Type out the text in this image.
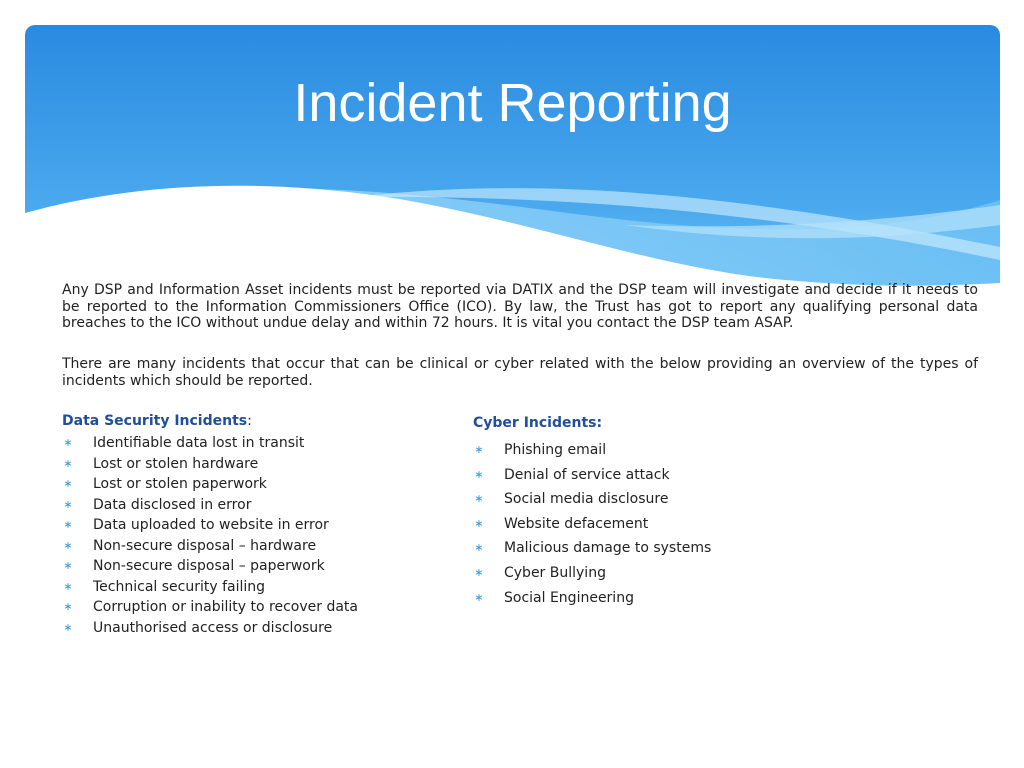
Incident Reporting

Any DSP and Information Asset incidents must be reported via DATIX and the DSP team will investigate and decide if it needs to be reported to the Information Commissioners Office (ICO). By law, the Trust has got to report any qualifying personal data breaches to the ICO without undue delay and within 72 hours. It is vital you contact the DSP team ASAP.

There are many incidents that occur that can be clinical or cyber related with the below providing an overview of the types of incidents which should be reported.

Data Security Incidents:
∗ Identifiable data lost in transit
∗ Lost or stolen hardware
∗ Lost or stolen paperwork
∗ Data disclosed in error
∗ Data uploaded to website in error
∗ Non-secure disposal – hardware
∗ Non-secure disposal – paperwork
∗ Technical security failing
∗ Corruption or inability to recover data
∗ Unauthorised access or disclosure
Cyber Incidents:
∗ Phishing email
∗ Denial of service attack
∗ Social media disclosure
∗ Website defacement
∗ Malicious damage to systems
∗ Cyber Bullying
∗ Social Engineering
